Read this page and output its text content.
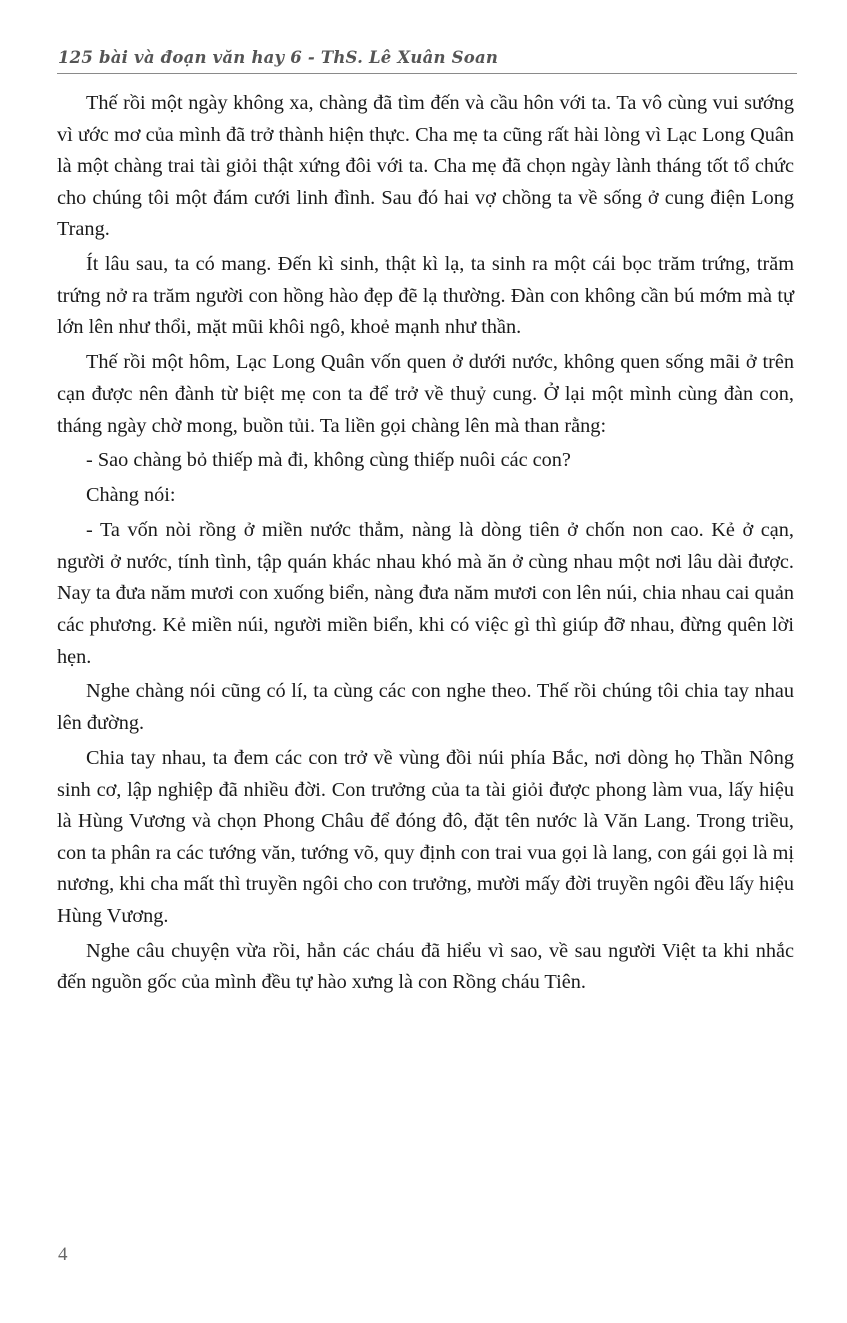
125 bài và đoạn văn hay 6 - ThS. Lê Xuân Soan

Thế rồi một ngày không xa, chàng đã tìm đến và cầu hôn với ta. Ta vô cùng vui sướng vì ước mơ của mình đã trở thành hiện thực. Cha mẹ ta cũng rất hài lòng vì Lạc Long Quân là một chàng trai tài giỏi thật xứng đôi với ta. Cha mẹ đã chọn ngày lành tháng tốt tổ chức cho chúng tôi một đám cưới linh đình. Sau đó hai vợ chồng ta về sống ở cung điện Long Trang.

Ít lâu sau, ta có mang. Đến kì sinh, thật kì lạ, ta sinh ra một cái bọc trăm trứng, trăm trứng nở ra trăm người con hồng hào đẹp đẽ lạ thường. Đàn con không cần bú mớm mà tự lớn lên như thổi, mặt mũi khôi ngô, khoẻ mạnh như thần.

Thế rồi một hôm, Lạc Long Quân vốn quen ở dưới nước, không quen sống mãi ở trên cạn được nên đành từ biệt mẹ con ta để trở về thuỷ cung. Ở lại một mình cùng đàn con, tháng ngày chờ mong, buồn tủi. Ta liền gọi chàng lên mà than rằng:

- Sao chàng bỏ thiếp mà đi, không cùng thiếp nuôi các con?

Chàng nói:

- Ta vốn nòi rồng ở miền nước thẳm, nàng là dòng tiên ở chốn non cao. Kẻ ở cạn, người ở nước, tính tình, tập quán khác nhau khó mà ăn ở cùng nhau một nơi lâu dài được. Nay ta đưa năm mươi con xuống biển, nàng đưa năm mươi con lên núi, chia nhau cai quản các phương. Kẻ miền núi, người miền biển, khi có việc gì thì giúp đỡ nhau, đừng quên lời hẹn.

Nghe chàng nói cũng có lí, ta cùng các con nghe theo. Thế rồi chúng tôi chia tay nhau lên đường.

Chia tay nhau, ta đem các con trở về vùng đồi núi phía Bắc, nơi dòng họ Thần Nông sinh cơ, lập nghiệp đã nhiều đời. Con trưởng của ta tài giỏi được phong làm vua, lấy hiệu là Hùng Vương và chọn Phong Châu để đóng đô, đặt tên nước là Văn Lang. Trong triều, con ta phân ra các tướng văn, tướng võ, quy định con trai vua gọi là lang, con gái gọi là mị nương, khi cha mất thì truyền ngôi cho con trưởng, mười mấy đời truyền ngôi đều lấy hiệu Hùng Vương.

Nghe câu chuyện vừa rồi, hẳn các cháu đã hiểu vì sao, về sau người Việt ta khi nhắc đến nguồn gốc của mình đều tự hào xưng là con Rồng cháu Tiên.

4
